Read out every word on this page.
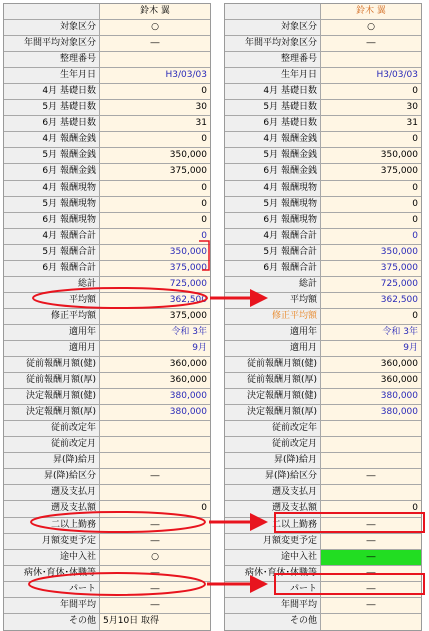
鈴木 翼
対象区分	○
年間平均対象区分	―
整理番号
生年月日	H3/03/03
4月 基礎日数	0
5月 基礎日数	30
6月 基礎日数	31
4月 報酬金銭	0
5月 報酬金銭	350,000
6月 報酬金銭	375,000
4月 報酬現物	0
5月 報酬現物	0
6月 報酬現物	0
4月 報酬合計	0
5月 報酬合計	350,000
6月 報酬合計	375,000
総計	725,000
平均額	362,500
修正平均額	375,000
適用年	令和 3年
適用月	9月
従前報酬月額(健)	360,000
従前報酬月額(厚)	360,000
決定報酬月額(健)	380,000
決定報酬月額(厚)	380,000
従前改定年
従前改定月
昇(降)給月
昇(降)給区分	―
遡及支払月
遡及支払額	0
二以上勤務	―
月額変更予定	―
途中入社	○
病休･育休･休職等	―
パート	―
年間平均	―
その他 5月10日 取得
鈴木 翼
対象区分	○
年間平均対象区分	―
整理番号
生年月日	H3/03/03
4月 基礎日数	0
5月 基礎日数	30
6月 基礎日数	31
4月 報酬金銭	0
5月 報酬金銭	350,000
6月 報酬金銭	375,000
4月 報酬現物	0
5月 報酬現物	0
6月 報酬現物	0
4月 報酬合計	0
5月 報酬合計	350,000
6月 報酬合計	375,000
総計	725,000
平均額	362,500
修正平均額	0
適用年	令和 3年
適用月	9月
従前報酬月額(健)	360,000
従前報酬月額(厚)	360,000
決定報酬月額(健)	380,000
決定報酬月額(厚)	380,000
従前改定年
従前改定月
昇(降)給月
昇(降)給区分	―
遡及支払月
遡及支払額	0
二以上勤務	―
月額変更予定	―
途中入社	―
病休･育休･休職等	―
パート	―
年間平均	―
その他
